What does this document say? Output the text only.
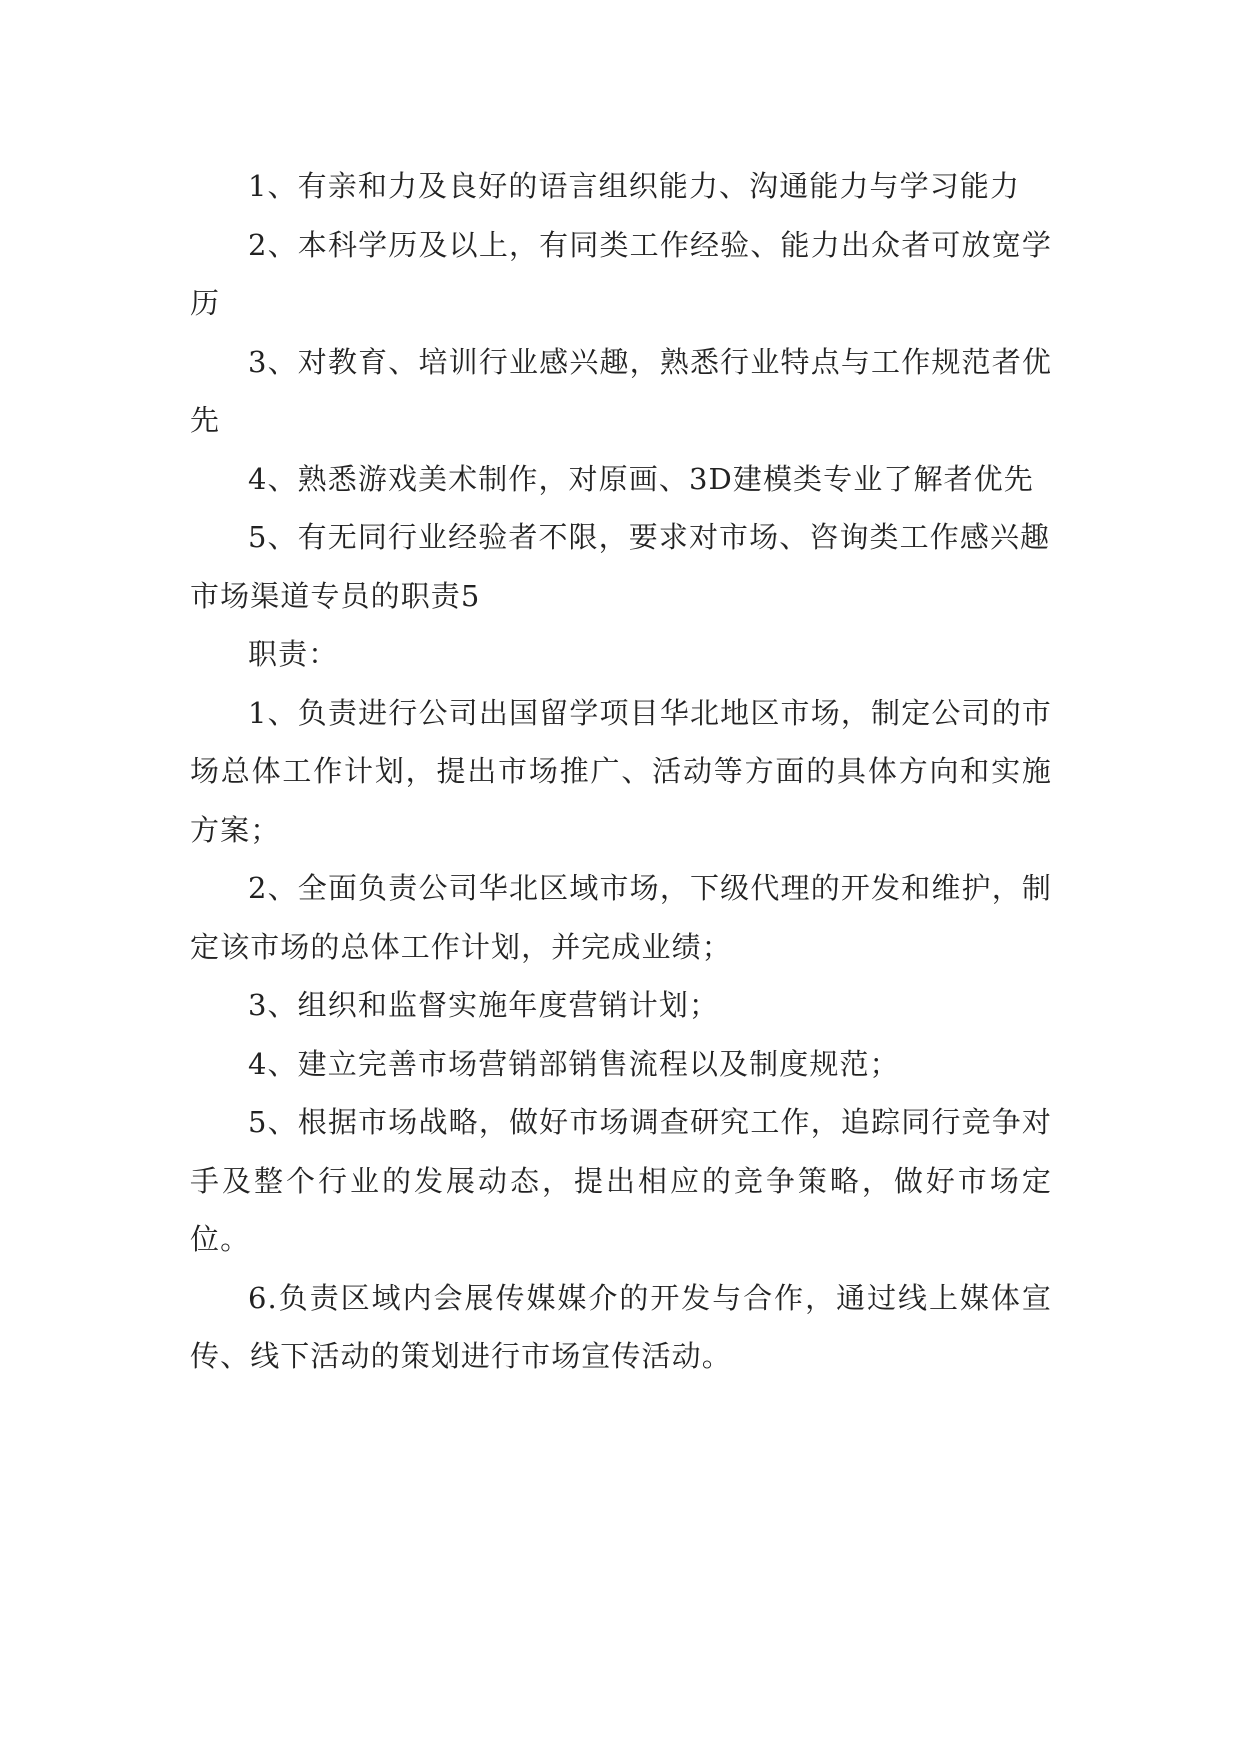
1、有亲和力及良好的语言组织能力、沟通能力与学习能力

2、本科学历及以上，有同类工作经验、能力出众者可放宽学历

3、对教育、培训行业感兴趣，熟悉行业特点与工作规范者优先

4、熟悉游戏美术制作，对原画、3D建模类专业了解者优先

5、有无同行业经验者不限，要求对市场、咨询类工作感兴趣

市场渠道专员的职责5

职责：

1、负责进行公司出国留学项目华北地区市场，制定公司的市场总体工作计划，提出市场推广、活动等方面的具体方向和实施方案；

2、全面负责公司华北区域市场，下级代理的开发和维护，制定该市场的总体工作计划，并完成业绩；

3、组织和监督实施年度营销计划；

4、建立完善市场营销部销售流程以及制度规范；

5、根据市场战略，做好市场调查研究工作，追踪同行竞争对手及整个行业的发展动态，提出相应的竞争策略，做好市场定位。

6.负责区域内会展传媒媒介的开发与合作，通过线上媒体宣传、线下活动的策划进行市场宣传活动。
